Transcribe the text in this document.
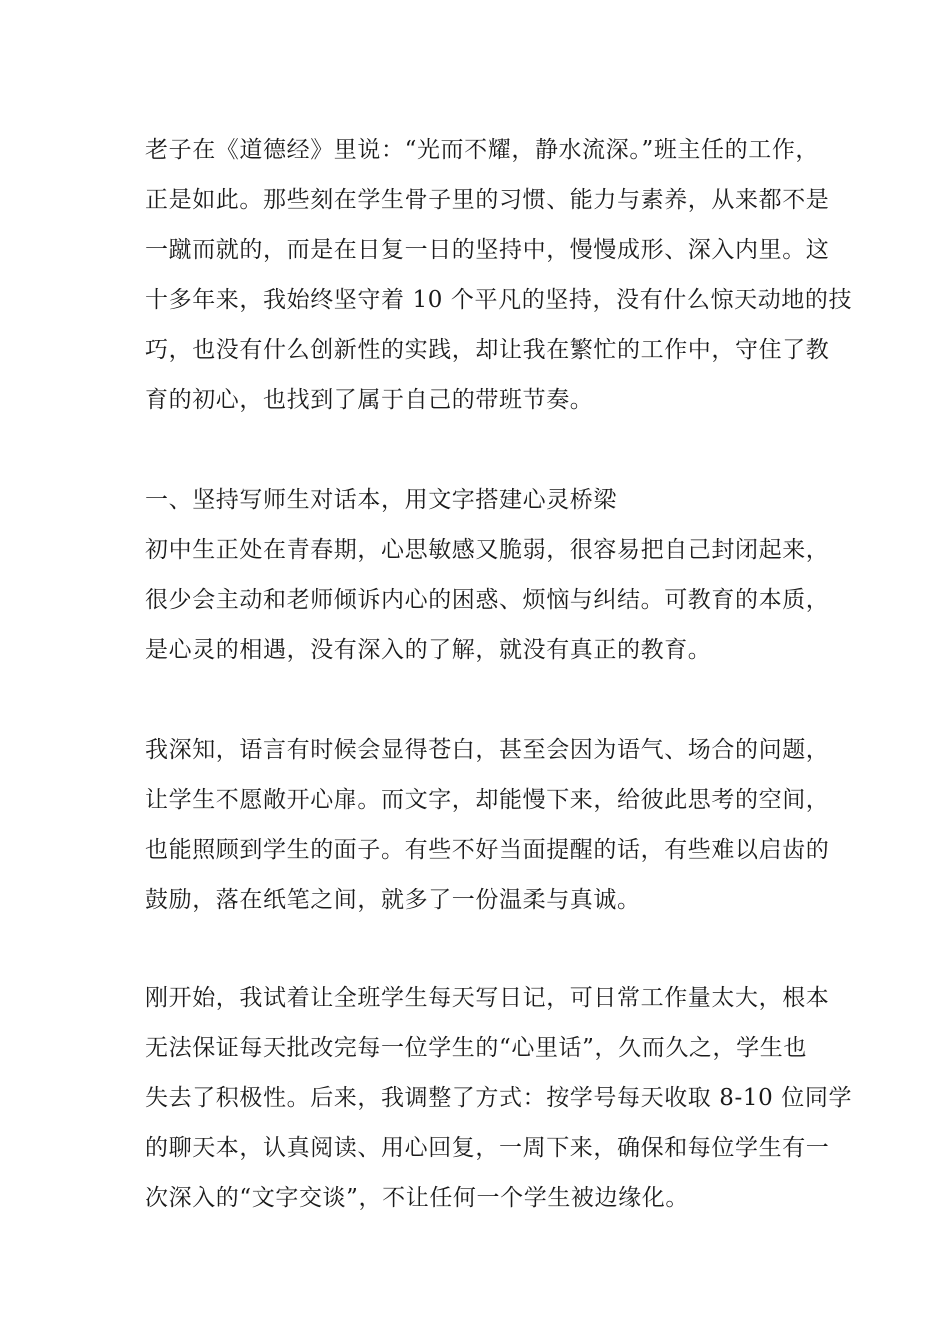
老子在《道德经》里说：“光而不耀，静水流深。”班主任的工作，
正是如此。那些刻在学生骨子里的习惯、能力与素养，从来都不是
一蹴而就的，而是在日复一日的坚持中，慢慢成形、深入内里。这
十多年来，我始终坚守着 10 个平凡的坚持，没有什么惊天动地的技
巧，也没有什么创新性的实践，却让我在繁忙的工作中，守住了教
育的初心，也找到了属于自己的带班节奏。
一、坚持写师生对话本，用文字搭建心灵桥梁
初中生正处在青春期，心思敏感又脆弱，很容易把自己封闭起来，
很少会主动和老师倾诉内心的困惑、烦恼与纠结。可教育的本质，
是心灵的相遇，没有深入的了解，就没有真正的教育。
我深知，语言有时候会显得苍白，甚至会因为语气、场合的问题，
让学生不愿敞开心扉。而文字，却能慢下来，给彼此思考的空间，
也能照顾到学生的面子。有些不好当面提醒的话，有些难以启齿的
鼓励，落在纸笔之间，就多了一份温柔与真诚。
刚开始，我试着让全班学生每天写日记，可日常工作量太大，根本
无法保证每天批改完每一位学生的“心里话”，久而久之，学生也
失去了积极性。后来，我调整了方式：按学号每天收取 8-10 位同学
的聊天本，认真阅读、用心回复，一周下来，确保和每位学生有一
次深入的“文字交谈”，不让任何一个学生被边缘化。
